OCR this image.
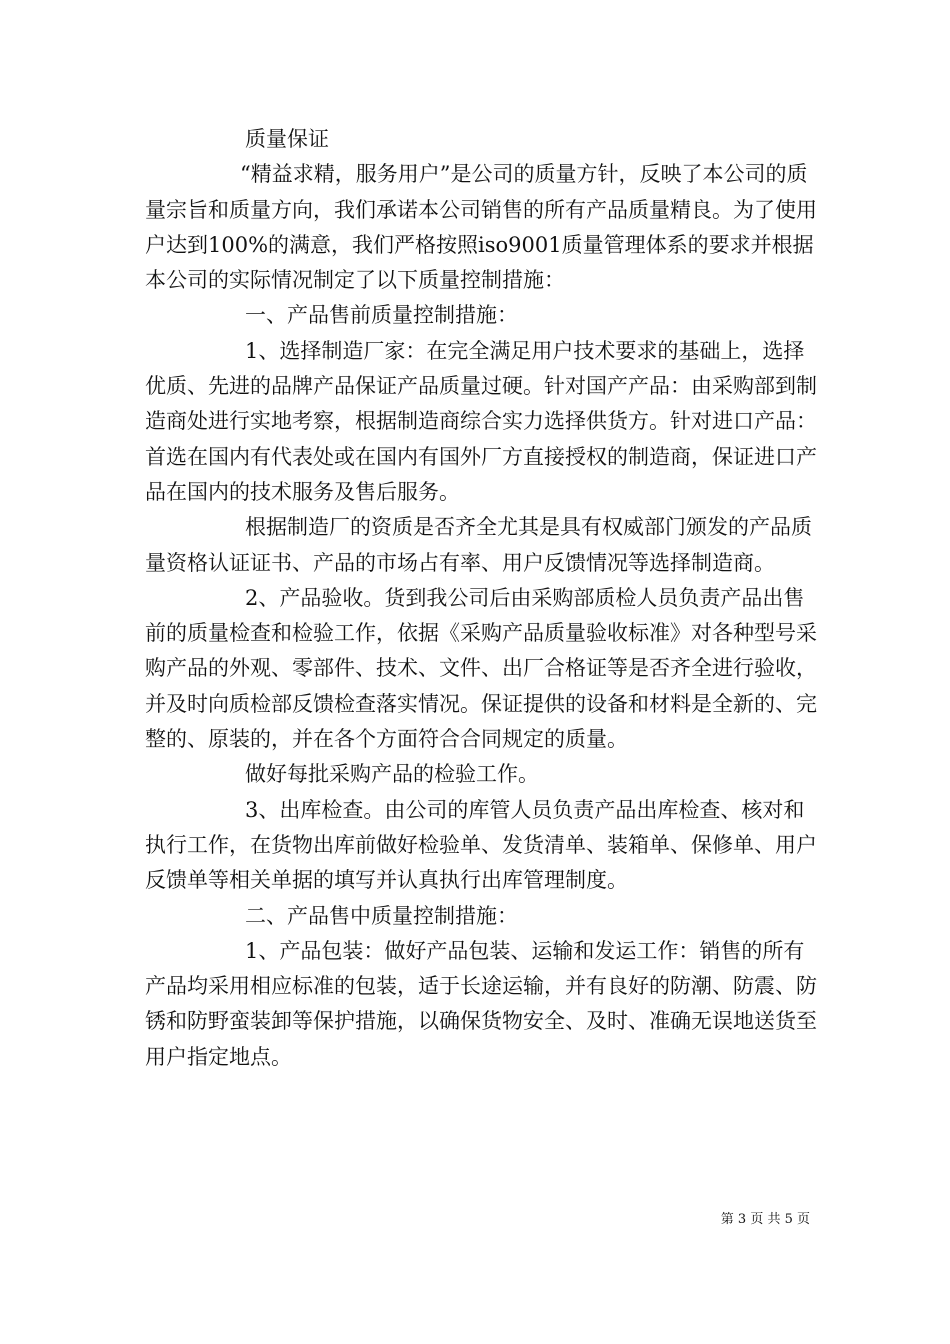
质量保证

“精益求精，服务用户”是公司的质量方针，反映了本公司的质量宗旨和质量方向，我们承诺本公司销售的所有产品质量精良。为了使用户达到100%的满意，我们严格按照iso9001质量管理体系的要求并根据本公司的实际情况制定了以下质量控制措施：

一、产品售前质量控制措施：

1、选择制造厂家：在完全满足用户技术要求的基础上，选择优质、先进的品牌产品保证产品质量过硬。针对国产产品：由采购部到制造商处进行实地考察，根据制造商综合实力选择供货方。针对进口产品：首选在国内有代表处或在国内有国外厂方直接授权的制造商，保证进口产品在国内的技术服务及售后服务。

根据制造厂的资质是否齐全尤其是具有权威部门颁发的产品质量资格认证证书、产品的市场占有率、用户反馈情况等选择制造商。

2、产品验收。货到我公司后由采购部质检人员负责产品出售前的质量检查和检验工作，依据《采购产品质量验收标准》对各种型号采购产品的外观、零部件、技术、文件、出厂合格证等是否齐全进行验收，并及时向质检部反馈检查落实情况。保证提供的设备和材料是全新的、完整的、原装的，并在各个方面符合合同规定的质量。

做好每批采购产品的检验工作。

3、出库检查。由公司的库管人员负责产品出库检查、核对和执行工作，在货物出库前做好检验单、发货清单、装箱单、保修单、用户反馈单等相关单据的填写并认真执行出库管理制度。

二、产品售中质量控制措施：

1、产品包装：做好产品包装、运输和发运工作：销售的所有产品均采用相应标准的包装，适于长途运输，并有良好的防潮、防震、防锈和防野蛮装卸等保护措施，以确保货物安全、及时、准确无误地送货至用户指定地点。

第 3 页 共 5 页
